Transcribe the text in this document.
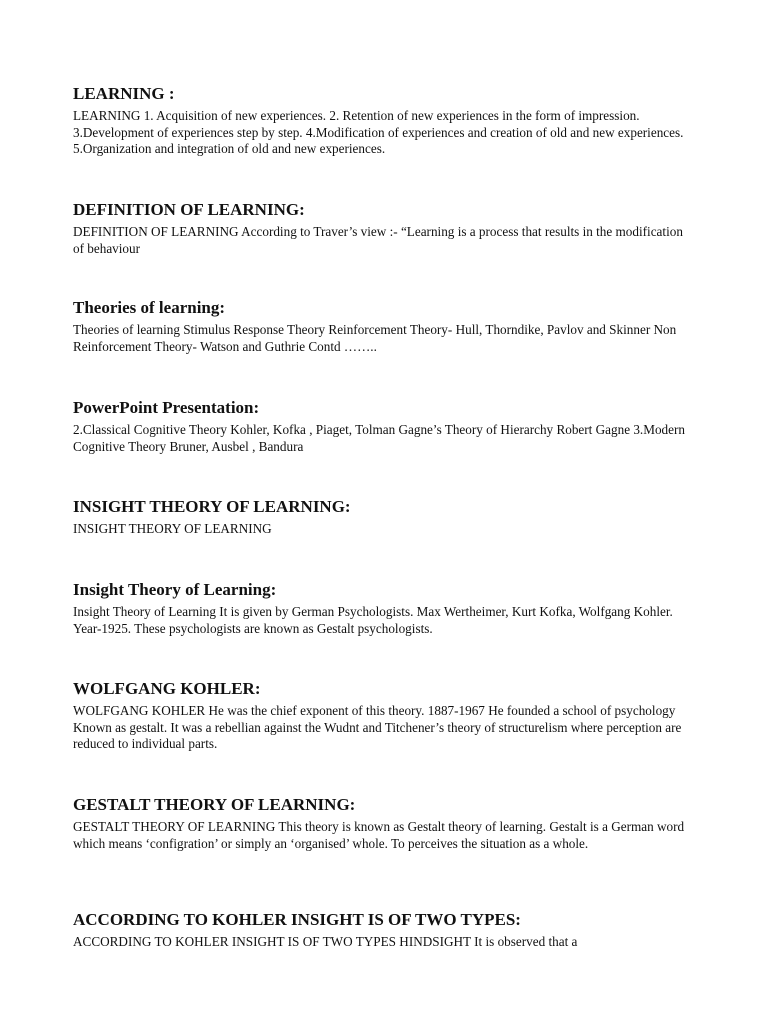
LEARNING :

LEARNING 1. Acquisition of new experiences. 2. Retention of new experiences in the form of impression. 3.Development of experiences step by step. 4.Modification of experiences and creation of old and new experiences. 5.Organization and integration of old and new experiences.

DEFINITION OF LEARNING:

DEFINITION OF LEARNING According to Traver’s view :- “Learning is a process that results in the modification of behaviour

Theories of learning:

Theories of learning Stimulus Response Theory Reinforcement Theory- Hull, Thorndike, Pavlov and Skinner Non Reinforcement Theory- Watson and Guthrie Contd ……..

PowerPoint Presentation:

2.Classical Cognitive Theory Kohler, Kofka , Piaget, Tolman Gagne’s Theory of Hierarchy Robert Gagne 3.Modern Cognitive Theory Bruner, Ausbel , Bandura

INSIGHT THEORY OF LEARNING:

INSIGHT THEORY OF LEARNING

Insight Theory of Learning:

Insight Theory of Learning It is given by German Psychologists. Max Wertheimer, Kurt Kofka, Wolfgang Kohler. Year-1925. These psychologists are known as Gestalt psychologists.

WOLFGANG KOHLER:

WOLFGANG KOHLER He was the chief exponent of this theory. 1887-1967 He founded a school of psychology Known as gestalt. It was a rebellian against the Wudnt and Titchener’s theory of structurelism where perception are reduced to individual parts.

GESTALT THEORY OF LEARNING:

GESTALT THEORY OF LEARNING This theory is known as Gestalt theory of learning. Gestalt is a German word which means ‘configration’ or simply an ‘organised’ whole. To perceives the situation as a whole.

ACCORDING TO KOHLER INSIGHT IS OF TWO TYPES:

ACCORDING TO KOHLER INSIGHT IS OF TWO TYPES HINDSIGHT It is observed that a
